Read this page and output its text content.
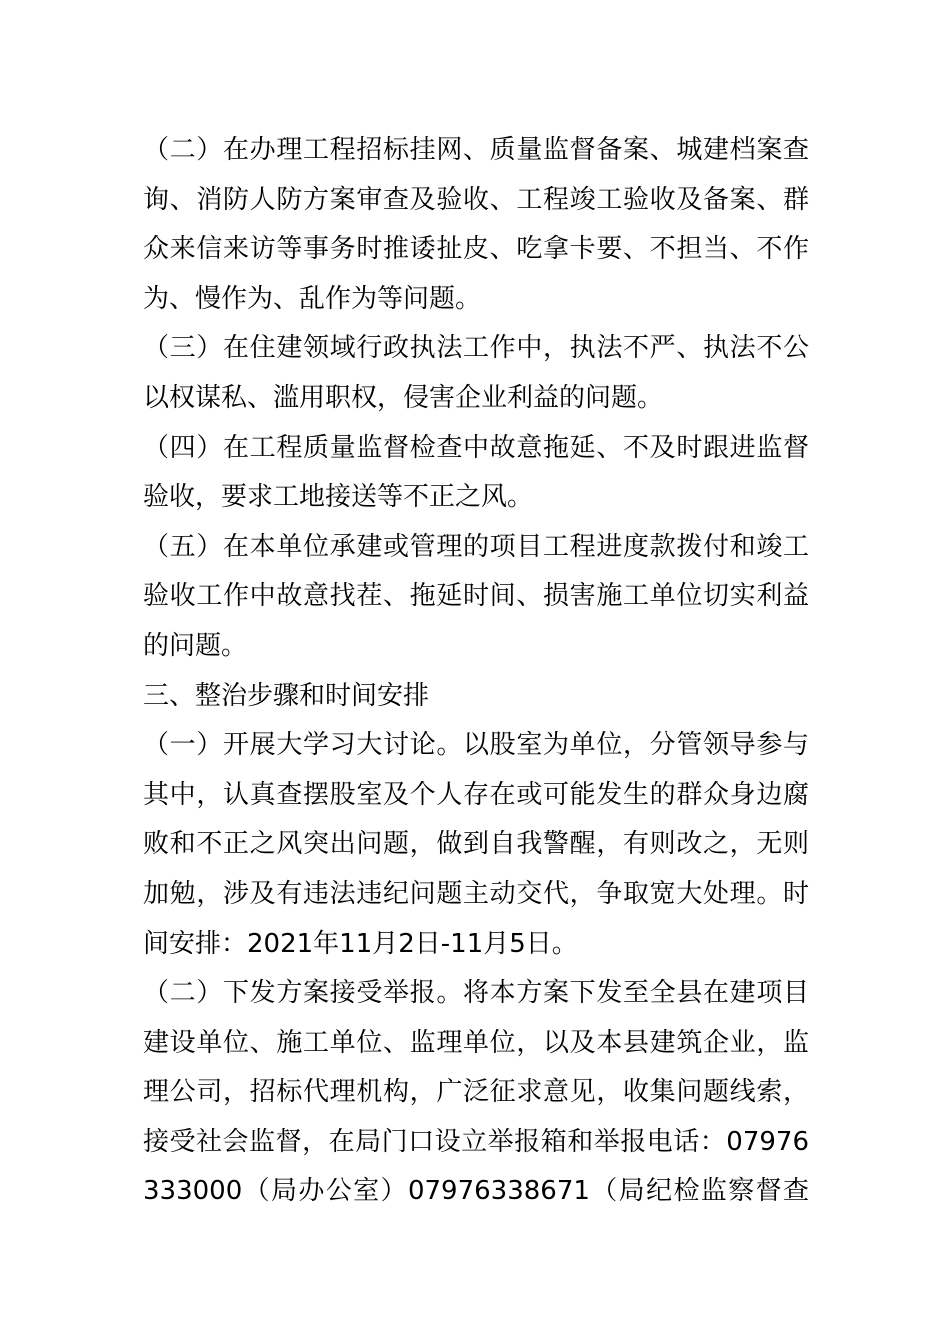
（二）在办理工程招标挂网、质量监督备案、城建档案查询、消防人防方案审查及验收、工程竣工验收及备案、群众来信来访等事务时推诿扯皮、吃拿卡要、不担当、不作为、慢作为、乱作为等问题。

（三）在住建领域行政执法工作中，执法不严、执法不公以权谋私、滥用职权，侵害企业利益的问题。

（四）在工程质量监督检查中故意拖延、不及时跟进监督验收，要求工地接送等不正之风。

（五）在本单位承建或管理的项目工程进度款拨付和竣工验收工作中故意找茬、拖延时间、损害施工单位切实利益的问题。

三、整治步骤和时间安排

（一）开展大学习大讨论。以股室为单位，分管领导参与其中，认真查摆股室及个人存在或可能发生的群众身边腐败和不正之风突出问题，做到自我警醒，有则改之，无则加勉，涉及有违法违纪问题主动交代，争取宽大处理。时间安排：2021年11月2日-11月5日。

（二）下发方案接受举报。将本方案下发至全县在建项目建设单位、施工单位、监理单位，以及本县建筑企业，监理公司，招标代理机构，广泛征求意见，收集问题线索，接受社会监督，在局门口设立举报箱和举报电话：07976333000（局办公室）07976338671（局纪检监察督查
